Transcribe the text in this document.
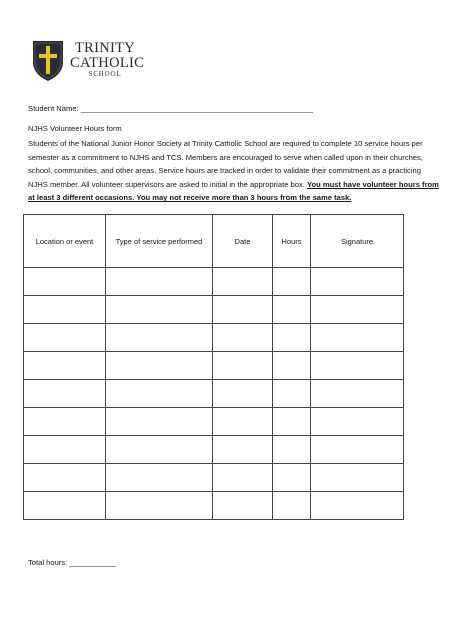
TRINITY
CATHOLIC
SCHOOL
Student Name: _______________________________________________________
NJHS Volunteer Hours form
Students of the National Junior Honor Society at Trinity Catholic School are required to complete 10 service hours per
semester as a commitment to NJHS and TCS. Members are encouraged to serve when called upon in their churches,
school, communities, and other areas. Service hours are tracked in order to validate their commitment as a practicing
NJHS member. All volunteer supervisors are asked to initial in the appropriate box. You must have volunteer hours from
at least 3 different occasions. You may not receive more than 3 hours from the same task.
Location or event	Type of service performed	Date	Hours	Signature

Total hours: ___________
